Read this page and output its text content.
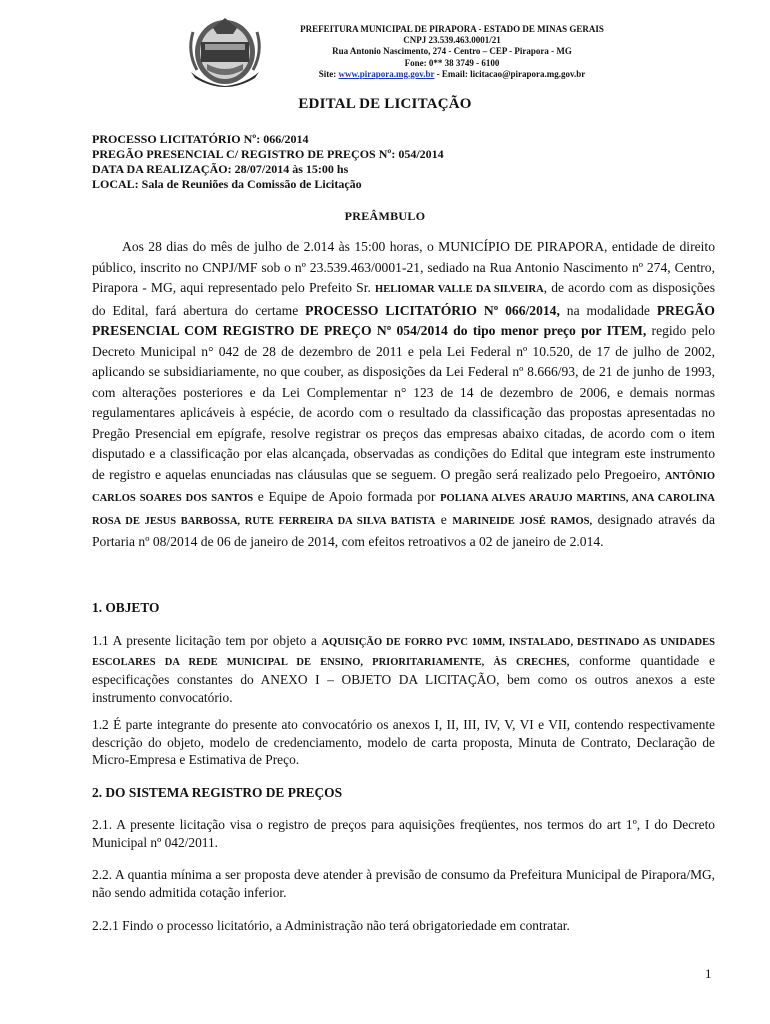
PREFEITURA MUNICIPAL DE PIRAPORA - ESTADO DE MINAS GERAIS
CNPJ 23.539.463.0001/21
Rua Antonio Nascimento, 274 - Centro – CEP - Pirapora - MG
Fone: 0** 38 3749 - 6100
Site: www.pirapora.mg.gov.br - Email: licitacao@pirapora.mg.gov.br
EDITAL DE LICITAÇÃO
PROCESSO LICITATÓRIO Nº: 066/2014
PREGÃO PRESENCIAL C/ REGISTRO DE PREÇOS Nº: 054/2014
DATA DA REALIZAÇÃO: 28/07/2014 às 15:00 hs
LOCAL: Sala de Reuniões da Comissão de Licitação
PREÂMBULO
Aos 28 dias do mês de julho de 2.014 às 15:00 horas, o MUNICÍPIO DE PIRAPORA, entidade de direito público, inscrito no CNPJ/MF sob o nº 23.539.463/0001-21, sediado na Rua Antonio Nascimento nº 274, Centro, Pirapora - MG, aqui representado pelo Prefeito Sr. HELIOMAR VALLE DA SILVEIRA, de acordo com as disposições do Edital, fará abertura do certame PROCESSO LICITATÓRIO Nº 066/2014, na modalidade PREGÃO PRESENCIAL COM REGISTRO DE PREÇO Nº 054/2014 do tipo menor preço por ITEM, regido pelo Decreto Municipal n° 042 de 28 de dezembro de 2011 e pela Lei Federal nº 10.520, de 17 de julho de 2002, aplicando se subsidiariamente, no que couber, as disposições da Lei Federal nº 8.666/93, de 21 de junho de 1993, com alterações posteriores e da Lei Complementar n° 123 de 14 de dezembro de 2006, e demais normas regulamentares aplicáveis à espécie, de acordo com o resultado da classificação das propostas apresentadas no Pregão Presencial em epígrafe, resolve registrar os preços das empresas abaixo citadas, de acordo com o item disputado e a classificação por elas alcançada, observadas as condições do Edital que integram este instrumento de registro e aquelas enunciadas nas cláusulas que se seguem. O pregão será realizado pelo Pregoeiro, ANTÔNIO CARLOS SOARES DOS SANTOS e Equipe de Apoio formada por POLIANA ALVES ARAUJO MARTINS, ANA CAROLINA ROSA DE JESUS BARBOSSA, RUTE FERREIRA DA SILVA BATISTA e MARINEIDE JOSÉ RAMOS, designado através da Portaria nº 08/2014 de 06 de janeiro de 2014, com efeitos retroativos a 02 de janeiro de 2.014.
1. OBJETO
1.1 A presente licitação tem por objeto a AQUISIÇÃO DE FORRO PVC 10MM, INSTALADO, DESTINADO AS UNIDADES ESCOLARES DA REDE MUNICIPAL DE ENSINO, PRIORITARIAMENTE, ÀS CRECHES, conforme quantidade e especificações constantes do ANEXO I – OBJETO DA LICITAÇÃO, bem como os outros anexos a este instrumento convocatório.
1.2 É parte integrante do presente ato convocatório os anexos I, II, III, IV, V, VI e VII, contendo respectivamente descrição do objeto, modelo de credenciamento, modelo de carta proposta, Minuta de Contrato, Declaração de Micro-Empresa e Estimativa de Preço.
2. DO SISTEMA REGISTRO DE PREÇOS
2.1. A presente licitação visa o registro de preços para aquisições freqüentes, nos termos do art 1º, I do Decreto Municipal nº 042/2011.
2.2. A quantia mínima a ser proposta deve atender à previsão de consumo da Prefeitura Municipal de Pirapora/MG, não sendo admitida cotação inferior.
2.2.1 Findo o processo licitatório, a Administração não terá obrigatoriedade em contratar.
1
